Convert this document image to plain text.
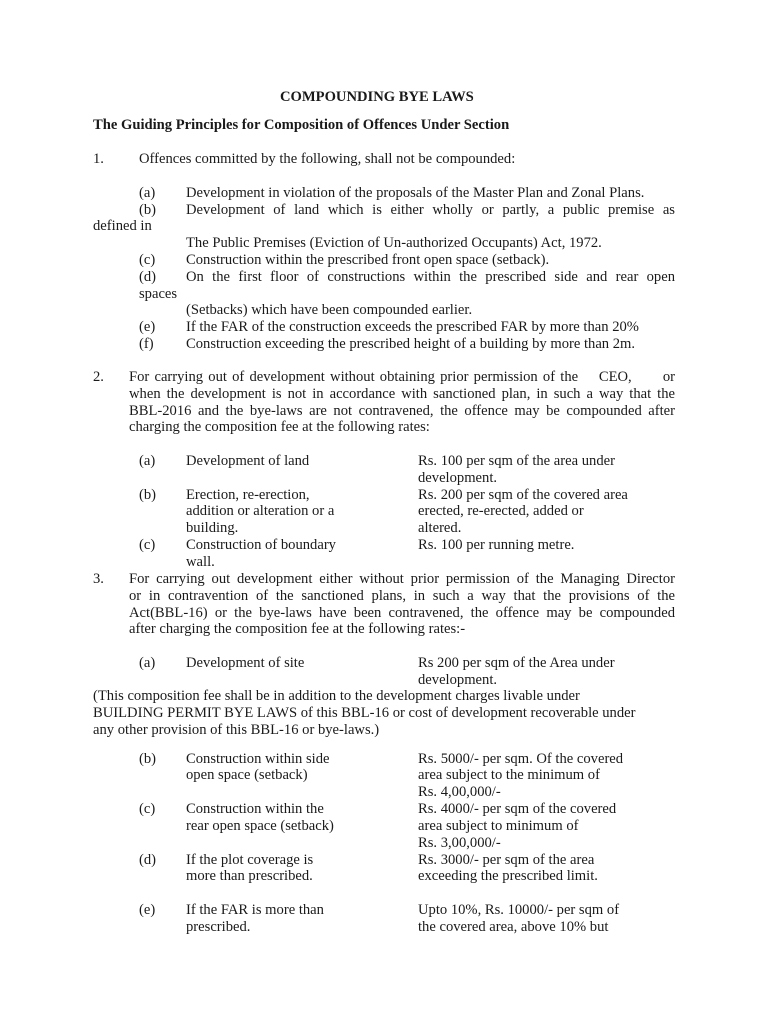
COMPOUNDING BYE LAWS
The Guiding Principles for Composition of Offences Under Section
1. Offences committed by the following, shall not be compounded:
(a) Development in violation of the proposals of the Master Plan and Zonal Plans.
(b) Development of land which is either wholly or partly, a public premise as
defined in
The Public Premises (Eviction of Un-authorized Occupants) Act, 1972.
(c) Construction within the prescribed front open space (setback).
(d) On the first floor of constructions within the prescribed side and rear open
spaces
(Setbacks) which have been compounded earlier.
(e) If the FAR of the construction exceeds the prescribed FAR by more than 20%
(f) Construction exceeding the prescribed height of a building by more than 2m.
2. For carrying out of development without obtaining prior permission of the    CEO,      or
when the development is not in accordance with sanctioned plan, in such a way that the
BBL-2016 and the bye-laws are not contravened, the offence may be compounded after
charging the composition fee at the following rates:
(a) Development of land	Rs. 100 per sqm of the area under
development.
(b) Erection, re-erection,
addition or alteration or a
building.
Rs. 200 per sqm of the covered area
erected, re-erected, added or
altered.
(c) Construction of boundary
wall.
Rs. 100 per running metre.
3. For carrying out development either without prior permission of the Managing Director
or in contravention of the sanctioned plans, in such a way that the provisions of the
Act(BBL-16) or the bye-laws have been contravened, the offence may be compounded
after charging the composition fee at the following rates:-
(a) Development of site	Rs 200 per sqm of the Area under
development.
(This composition fee shall be in addition to the development charges livable under
BUILDING PERMIT BYE LAWS of this BBL-16 or cost of development recoverable under
any other provision of this BBL-16 or bye-laws.)
(b) Construction within side
open space (setback)
Rs. 5000/- per sqm. Of the covered
area subject to the minimum of
Rs. 4,00,000/-
(c) Construction within the
rear open space (setback)
Rs. 4000/- per sqm of the covered
area subject to minimum of
Rs. 3,00,000/-
(d) If the plot coverage is
more than prescribed.
Rs. 3000/- per sqm of the area
exceeding the prescribed limit.
(e) If the FAR is more than
prescribed.
Upto 10%, Rs. 10000/- per sqm of
the covered area, above 10% but
